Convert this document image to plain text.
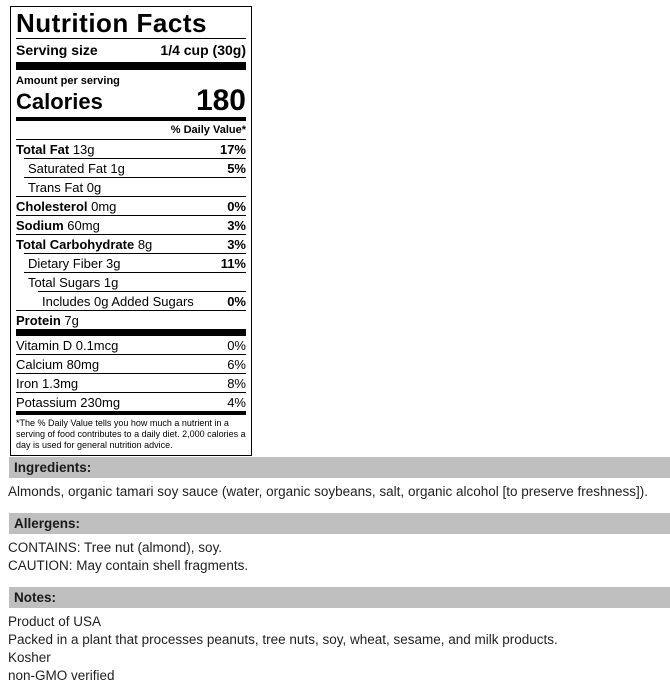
Nutrition Facts
Serving size	1/4 cup (30g)
Amount per serving
Calories	180
% Daily Value*
Total Fat 13g	17%
Saturated Fat 1g	5%
Trans Fat 0g
Cholesterol 0mg	0%
Sodium 60mg	3%
Total Carbohydrate 8g	3%
Dietary Fiber 3g	11%
Total Sugars 1g
Includes 0g Added Sugars	0%
Protein 7g
Vitamin D 0.1mcg	0%
Calcium 80mg	6%
Iron 1.3mg	8%
Potassium 230mg	4%
*The % Daily Value tells you how much a nutrient in a serving of food contributes to a daily diet. 2,000 calories a day is used for general nutrition advice.
Ingredients:
Almonds, organic tamari soy sauce (water, organic soybeans, salt, organic alcohol [to preserve freshness]).
Allergens:
CONTAINS: Tree nut (almond), soy.
CAUTION: May contain shell fragments.
Notes:
Product of USA
Packed in a plant that processes peanuts, tree nuts, soy, wheat, sesame, and milk products.
Kosher
non-GMO verified
